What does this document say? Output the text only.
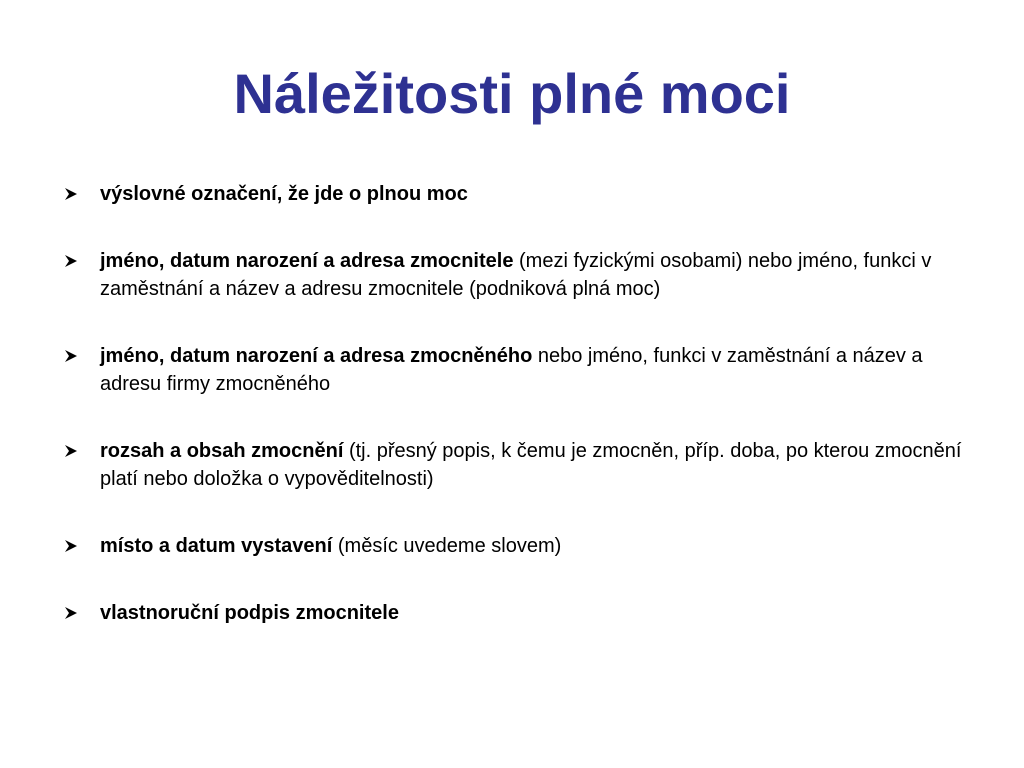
Náležitosti plné moci
výslovné označení, že jde o plnou moc
jméno, datum narození a adresa zmocnitele (mezi fyzickými osobami) nebo jméno, funkci v zaměstnání a název a adresu zmocnitele (podniková plná moc)
jméno, datum narození a adresa zmocněného nebo jméno, funkci v zaměstnání a název a adresu firmy zmocněného
rozsah a obsah zmocnění (tj. přesný popis, k čemu je zmocněn, příp. doba, po kterou zmocnění platí nebo doložka o vypověditelnosti)
místo a datum vystavení (měsíc uvedeme slovem)
vlastnoruční podpis zmocnitele
